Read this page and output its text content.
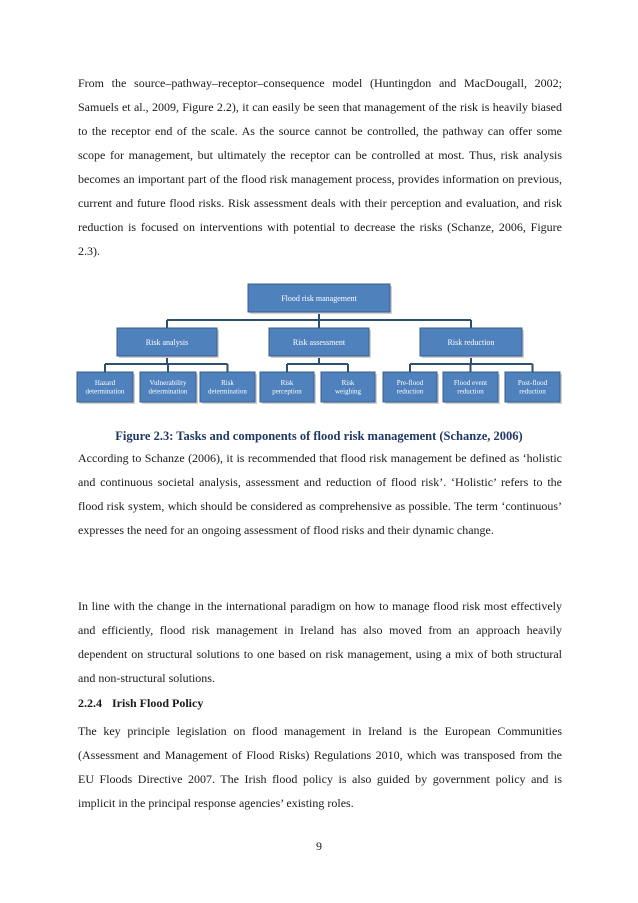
Flood risk management
Risk analysis
Hazard
determination
Vulnerability
determination
Risk
determination
Risk assessment
Risk
perception
Risk
weighing
Risk reduction
Pre-flood
reduction
Flood event
reduction
Post-flood
reduction

From the source–pathway–receptor–consequence model (Huntingdon and MacDougall, 2002; Samuels et al., 2009, Figure 2.2), it can easily be seen that management of the risk is heavily biased to the receptor end of the scale. As the source cannot be controlled, the pathway can offer some scope for management, but ultimately the receptor can be controlled at most. Thus, risk analysis becomes an important part of the flood risk management process, provides information on previous, current and future flood risks. Risk assessment deals with their perception and evaluation, and risk reduction is focused on interventions with potential to decrease the risks (Schanze, 2006, Figure 2.3).

Figure 2.3: Tasks and components of flood risk management (Schanze, 2006)

According to Schanze (2006), it is recommended that flood risk management be defined as ‘holistic and continuous societal analysis, assessment and reduction of flood risk’. ‘Holistic’ refers to the flood risk system, which should be considered as comprehensive as possible. The term ‘continuous’ expresses the need for an ongoing assessment of flood risks and their dynamic change.

In line with the change in the international paradigm on how to manage flood risk most effectively and efficiently, flood risk management in Ireland has also moved from an approach heavily dependent on structural solutions to one based on risk management, using a mix of both structural and non-structural solutions.

2.2.4 Irish Flood Policy

The key principle legislation on flood management in Ireland is the European Communities (Assessment and Management of Flood Risks) Regulations 2010, which was transposed from the EU Floods Directive 2007. The Irish flood policy is also guided by government policy and is implicit in the principal response agencies’ existing roles.

9
